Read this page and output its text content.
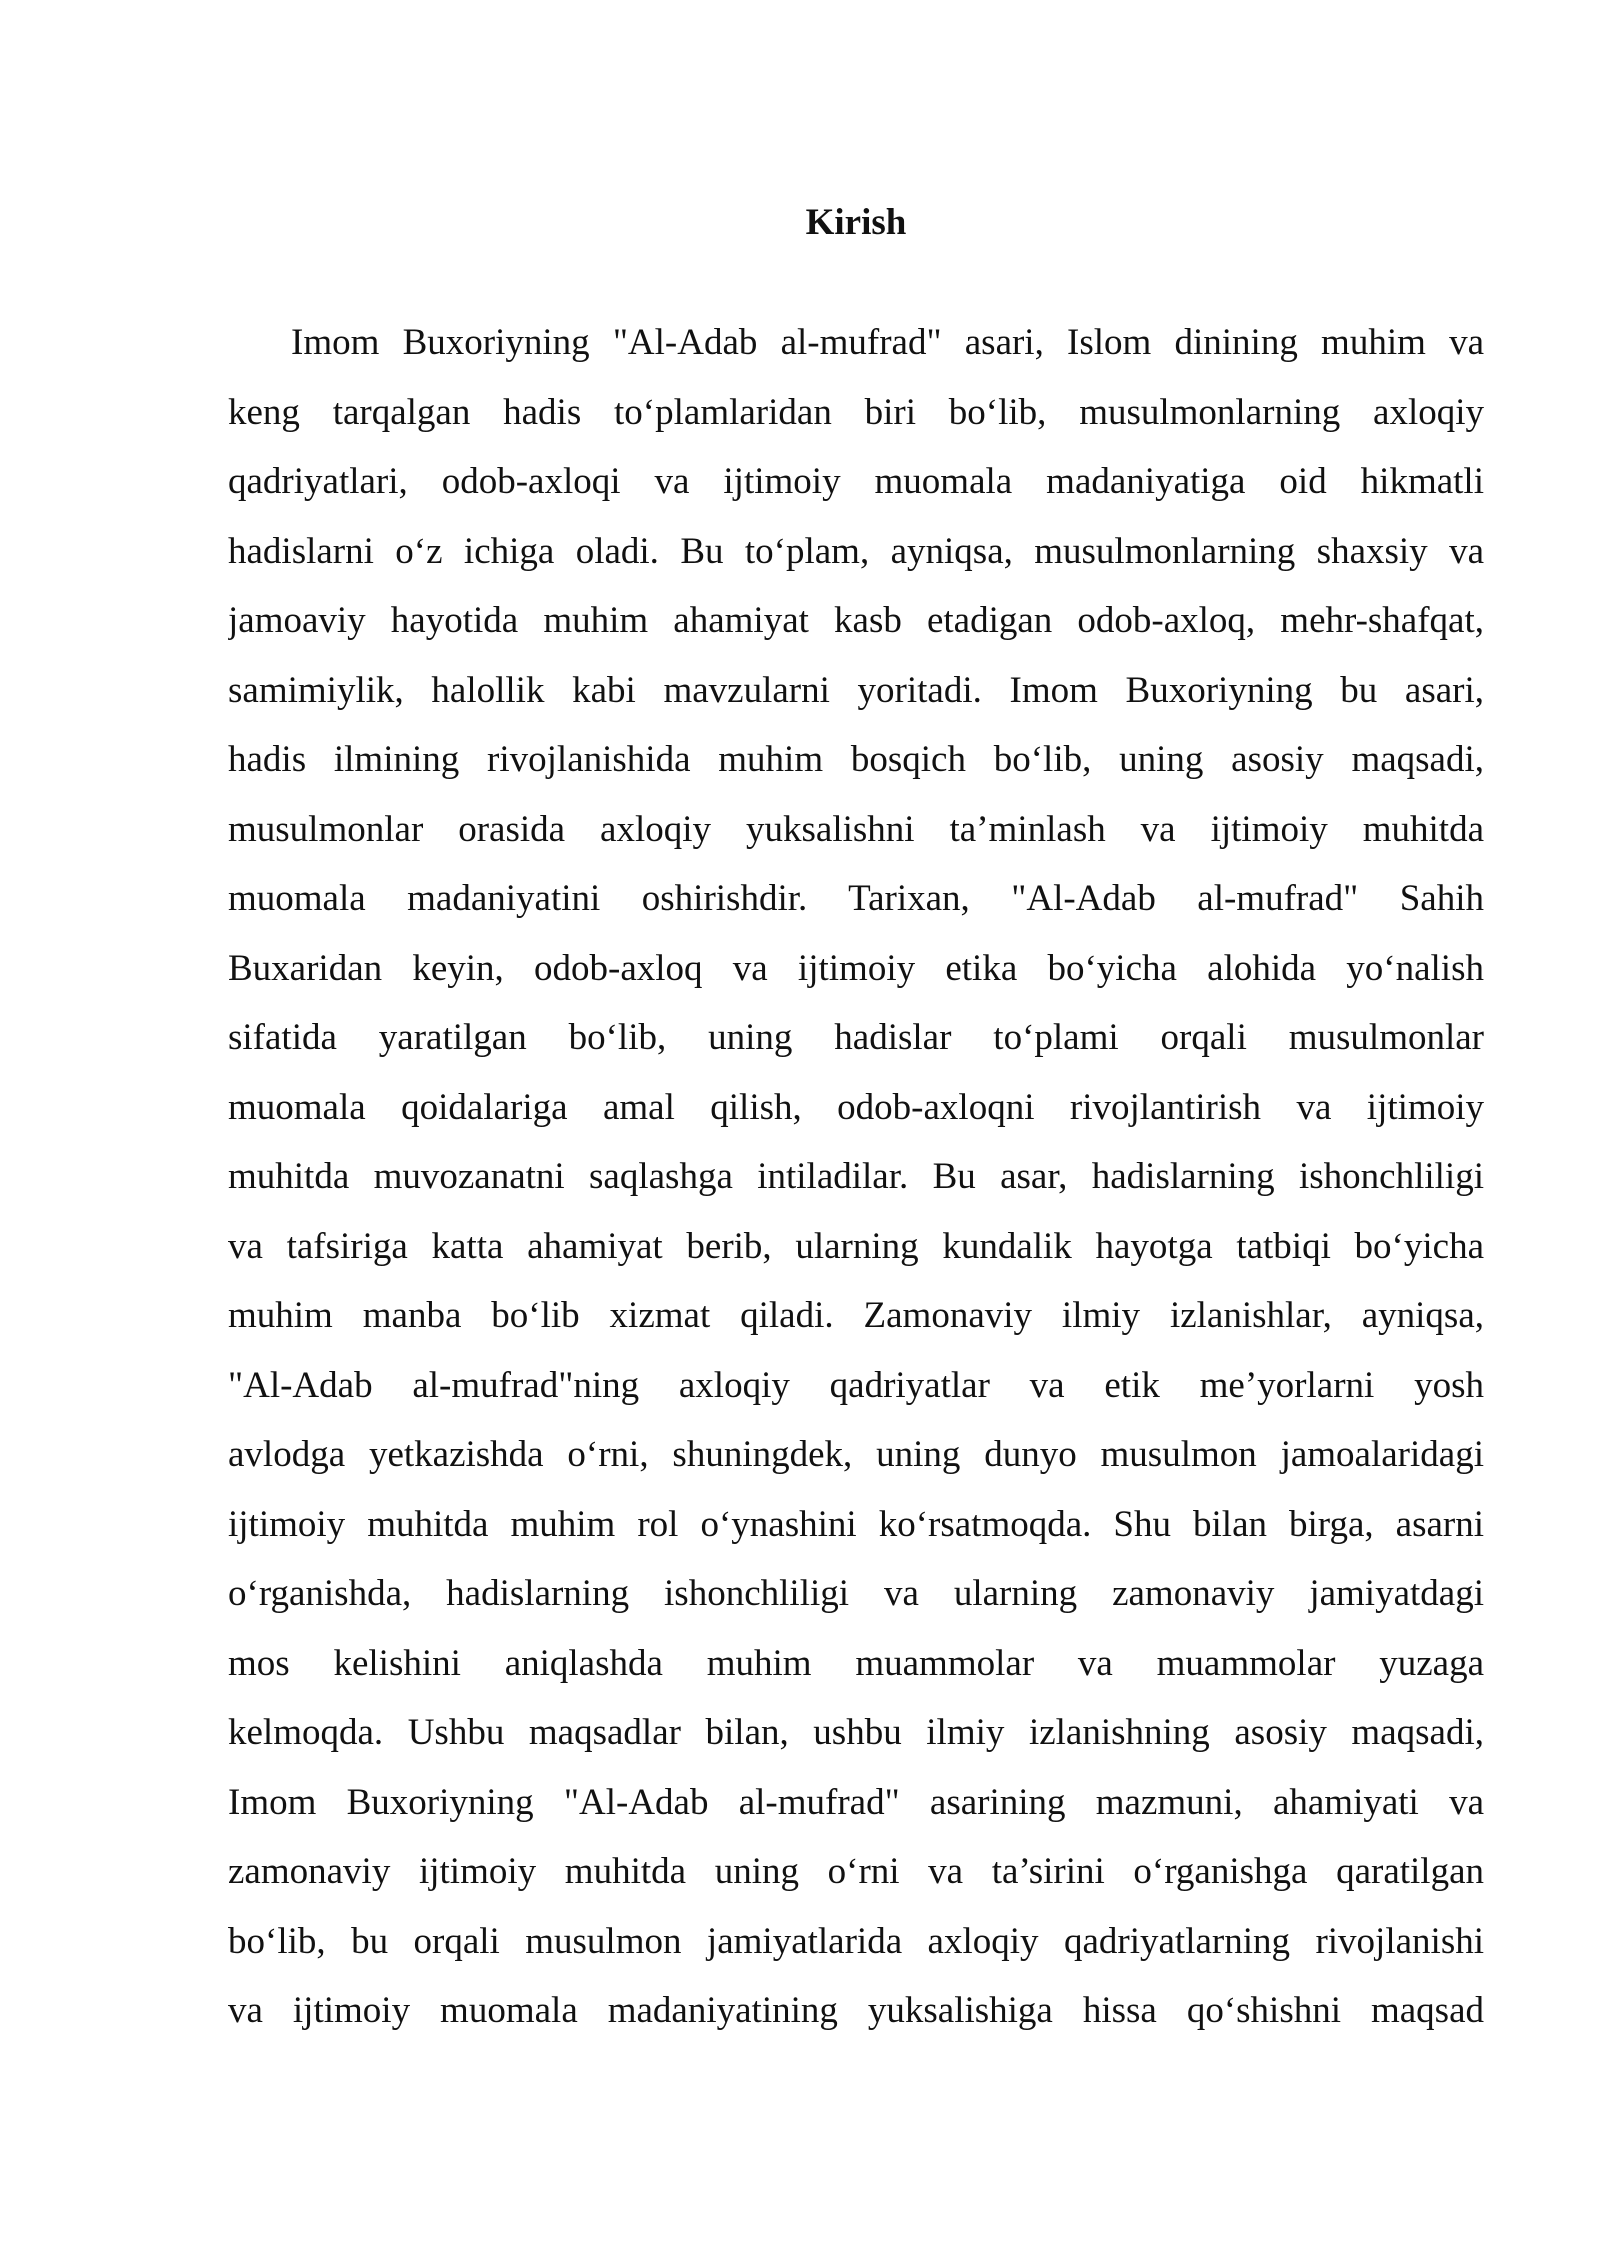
Kirish
Imom Buxoriyning "Al-Adab al-mufrad" asari, Islom dinining muhim va
keng tarqalgan hadis to‘plamlaridan biri bo‘lib, musulmonlarning axloqiy
qadriyatlari, odob-axloqi va ijtimoiy muomala madaniyatiga oid hikmatli
hadislarni o‘z ichiga oladi. Bu to‘plam, ayniqsa, musulmonlarning shaxsiy va
jamoaviy hayotida muhim ahamiyat kasb etadigan odob-axloq, mehr-shafqat,
samimiylik, halollik kabi mavzularni yoritadi. Imom Buxoriyning bu asari,
hadis ilmining rivojlanishida muhim bosqich bo‘lib, uning asosiy maqsadi,
musulmonlar orasida axloqiy yuksalishni ta’minlash va ijtimoiy muhitda
muomala madaniyatini oshirishdir. Tarixan, "Al-Adab al-mufrad" Sahih
Buxaridan keyin, odob-axloq va ijtimoiy etika bo‘yicha alohida yo‘nalish
sifatida yaratilgan bo‘lib, uning hadislar to‘plami orqali musulmonlar
muomala qoidalariga amal qilish, odob-axloqni rivojlantirish va ijtimoiy
muhitda muvozanatni saqlashga intiladilar. Bu asar, hadislarning ishonchliligi
va tafsiriga katta ahamiyat berib, ularning kundalik hayotga tatbiqi bo‘yicha
muhim manba bo‘lib xizmat qiladi. Zamonaviy ilmiy izlanishlar, ayniqsa,
"Al-Adab al-mufrad"ning axloqiy qadriyatlar va etik me’yorlarni yosh
avlodga yetkazishda o‘rni, shuningdek, uning dunyo musulmon jamoalaridagi
ijtimoiy muhitda muhim rol o‘ynashini ko‘rsatmoqda. Shu bilan birga, asarni
o‘rganishda, hadislarning ishonchliligi va ularning zamonaviy jamiyatdagi
mos kelishini aniqlashda muhim muammolar va muammolar yuzaga
kelmoqda. Ushbu maqsadlar bilan, ushbu ilmiy izlanishning asosiy maqsadi,
Imom Buxoriyning "Al-Adab al-mufrad" asarining mazmuni, ahamiyati va
zamonaviy ijtimoiy muhitda uning o‘rni va ta’sirini o‘rganishga qaratilgan
bo‘lib, bu orqali musulmon jamiyatlarida axloqiy qadriyatlarning rivojlanishi
va ijtimoiy muomala madaniyatining yuksalishiga hissa qo‘shishni maqsad
